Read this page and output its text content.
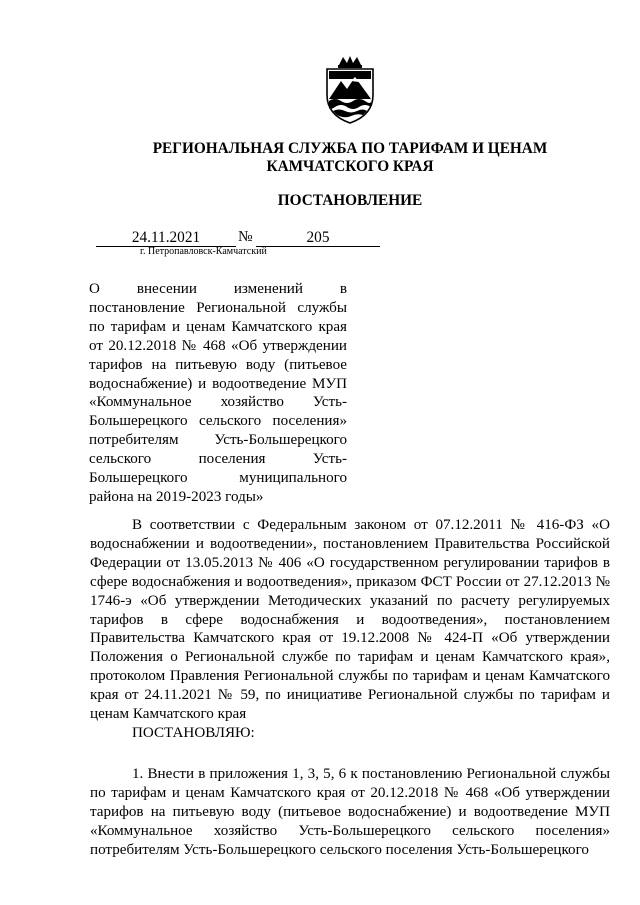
РЕГИОНАЛЬНАЯ СЛУЖБА ПО ТАРИФАМ И ЦЕНАМ
КАМЧАТСКОГО КРАЯ
ПОСТАНОВЛЕНИЕ
24.11.2021	№	205
г. Петропавловск-Камчатский
О внесении изменений в постановление Региональной службы по тарифам и ценам Камчатского края от 20.12.2018 № 468 «Об утверждении тарифов на питьевую воду (питьевое водоснабжение) и водоотведение МУП «Коммунальное хозяйство Усть-Большерецкого сельского поселения» потребителям Усть-Большерецкого сельского поселения Усть-Большерецкого муниципального района на 2019-2023 годы»
В соответствии с Федеральным законом от 07.12.2011 № 416-ФЗ «О водоснабжении и водоотведении», постановлением Правительства Российской Федерации от 13.05.2013 № 406 «О государственном регулировании тарифов в сфере водоснабжения и водоотведения», приказом ФСТ России от 27.12.2013 № 1746-э «Об утверждении Методических указаний по расчету регулируемых тарифов в сфере водоснабжения и водоотведения», постановлением Правительства Камчатского края от 19.12.2008 № 424-П «Об утверждении Положения о Региональной службе по тарифам и ценам Камчатского края», протоколом Правления Региональной службы по тарифам и ценам Камчатского края от 24.11.2021 № 59, по инициативе Региональной службы по тарифам и ценам Камчатского края
ПОСТАНОВЛЯЮ:
1. Внести в приложения 1, 3, 5, 6 к постановлению Региональной службы по тарифам и ценам Камчатского края от 20.12.2018 № 468 «Об утверждении тарифов на питьевую воду (питьевое водоснабжение) и водоотведение МУП «Коммунальное хозяйство Усть-Большерецкого сельского поселения» потребителям Усть-Большерецкого сельского поселения Усть-Большерецкого
